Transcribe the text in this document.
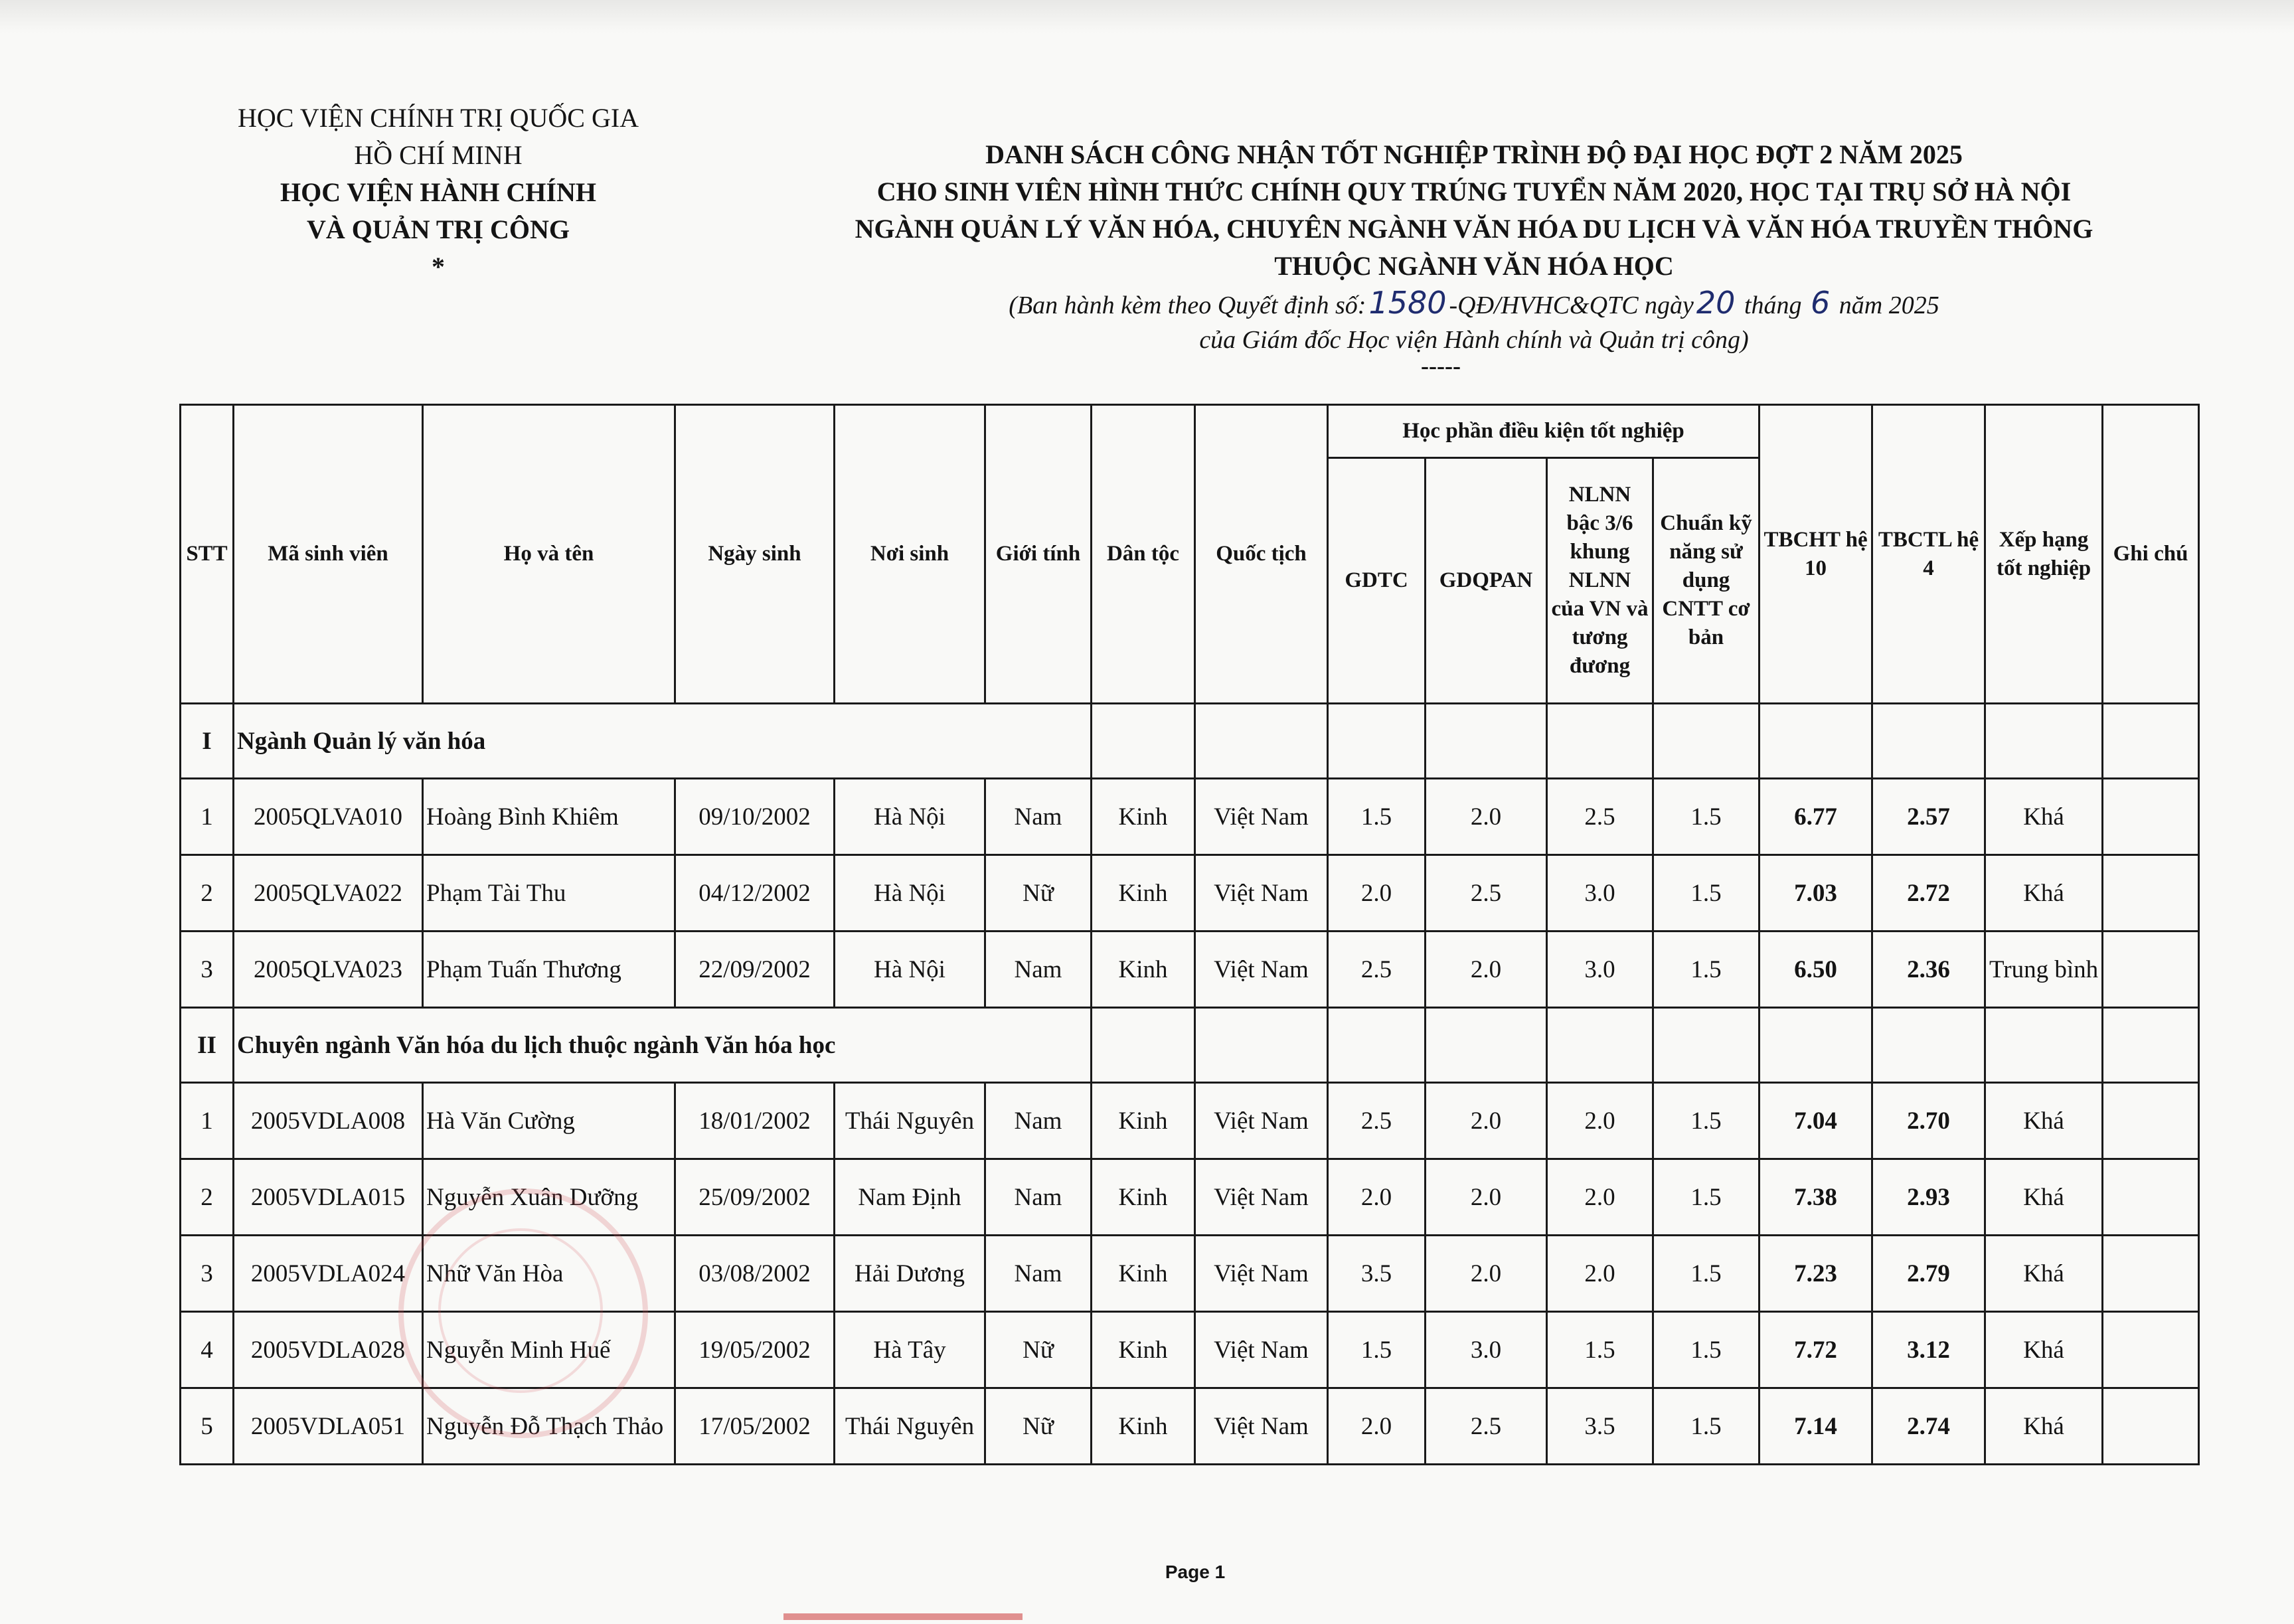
HỌC VIỆN CHÍNH TRỊ QUỐC GIA
HỒ CHÍ MINH
HỌC VIỆN HÀNH CHÍNH
VÀ QUẢN TRỊ CÔNG
*
DANH SÁCH CÔNG NHẬN TỐT NGHIỆP TRÌNH ĐỘ ĐẠI HỌC ĐỢT 2 NĂM 2025
CHO SINH VIÊN HÌNH THỨC CHÍNH QUY TRÚNG TUYỂN NĂM 2020, HỌC TẠI TRỤ SỞ HÀ NỘI
NGÀNH QUẢN LÝ VĂN HÓA, CHUYÊN NGÀNH VĂN HÓA DU LỊCH VÀ VĂN HÓA TRUYỀN THÔNG
THUỘC NGÀNH VĂN HÓA HỌC
(Ban hành kèm theo Quyết định số:1580 -QĐ/HVHC&QTC ngày20 tháng 6 năm 2025
của Giám đốc Học viện Hành chính và Quản trị công)
-----
STT	Mã sinh viên	Họ và tên	Ngày sinh	Nơi sinh	Giới tính	Dân tộc	Quốc tịch	Học phần điều kiện tốt nghiệp				TBCHT hệ 10	TBCTL hệ 4	Xếp hạng tốt nghiệp	Ghi chú
								GDTC	GDQPAN	NLNN bậc 3/6 khung NLNN của VN và tương đương	Chuẩn kỹ năng sử dụng CNTT cơ bản				
I	Ngành Quản lý văn hóa														
1	2005QLVA010	Hoàng Bình Khiêm	09/10/2002	Hà Nội	Nam	Kinh	Việt Nam	1.5	2.0	2.5	1.5	6.77	2.57	Khá	
2	2005QLVA022	Phạm Tài Thu	04/12/2002	Hà Nội	Nữ	Kinh	Việt Nam	2.0	2.5	3.0	1.5	7.03	2.72	Khá	
3	2005QLVA023	Phạm Tuấn Thương	22/09/2002	Hà Nội	Nam	Kinh	Việt Nam	2.5	2.0	3.0	1.5	6.50	2.36	Trung bình	
II	Chuyên ngành Văn hóa du lịch thuộc ngành Văn hóa học														
1	2005VDLA008	Hà Văn Cường	18/01/2002	Thái Nguyên	Nam	Kinh	Việt Nam	2.5	2.0	2.0	1.5	7.04	2.70	Khá	
2	2005VDLA015	Nguyễn Xuân Dưỡng	25/09/2002	Nam Định	Nam	Kinh	Việt Nam	2.0	2.0	2.0	1.5	7.38	2.93	Khá	
3	2005VDLA024	Nhữ Văn Hòa	03/08/2002	Hải Dương	Nam	Kinh	Việt Nam	3.5	2.0	2.0	1.5	7.23	2.79	Khá	
4	2005VDLA028	Nguyễn Minh Huế	19/05/2002	Hà Tây	Nữ	Kinh	Việt Nam	1.5	3.0	1.5	1.5	7.72	3.12	Khá	
5	2005VDLA051	Nguyễn Đỗ Thạch Thảo	17/05/2002	Thái Nguyên	Nữ	Kinh	Việt Nam	2.0	2.5	3.5	1.5	7.14	2.74	Khá	
Page 1
